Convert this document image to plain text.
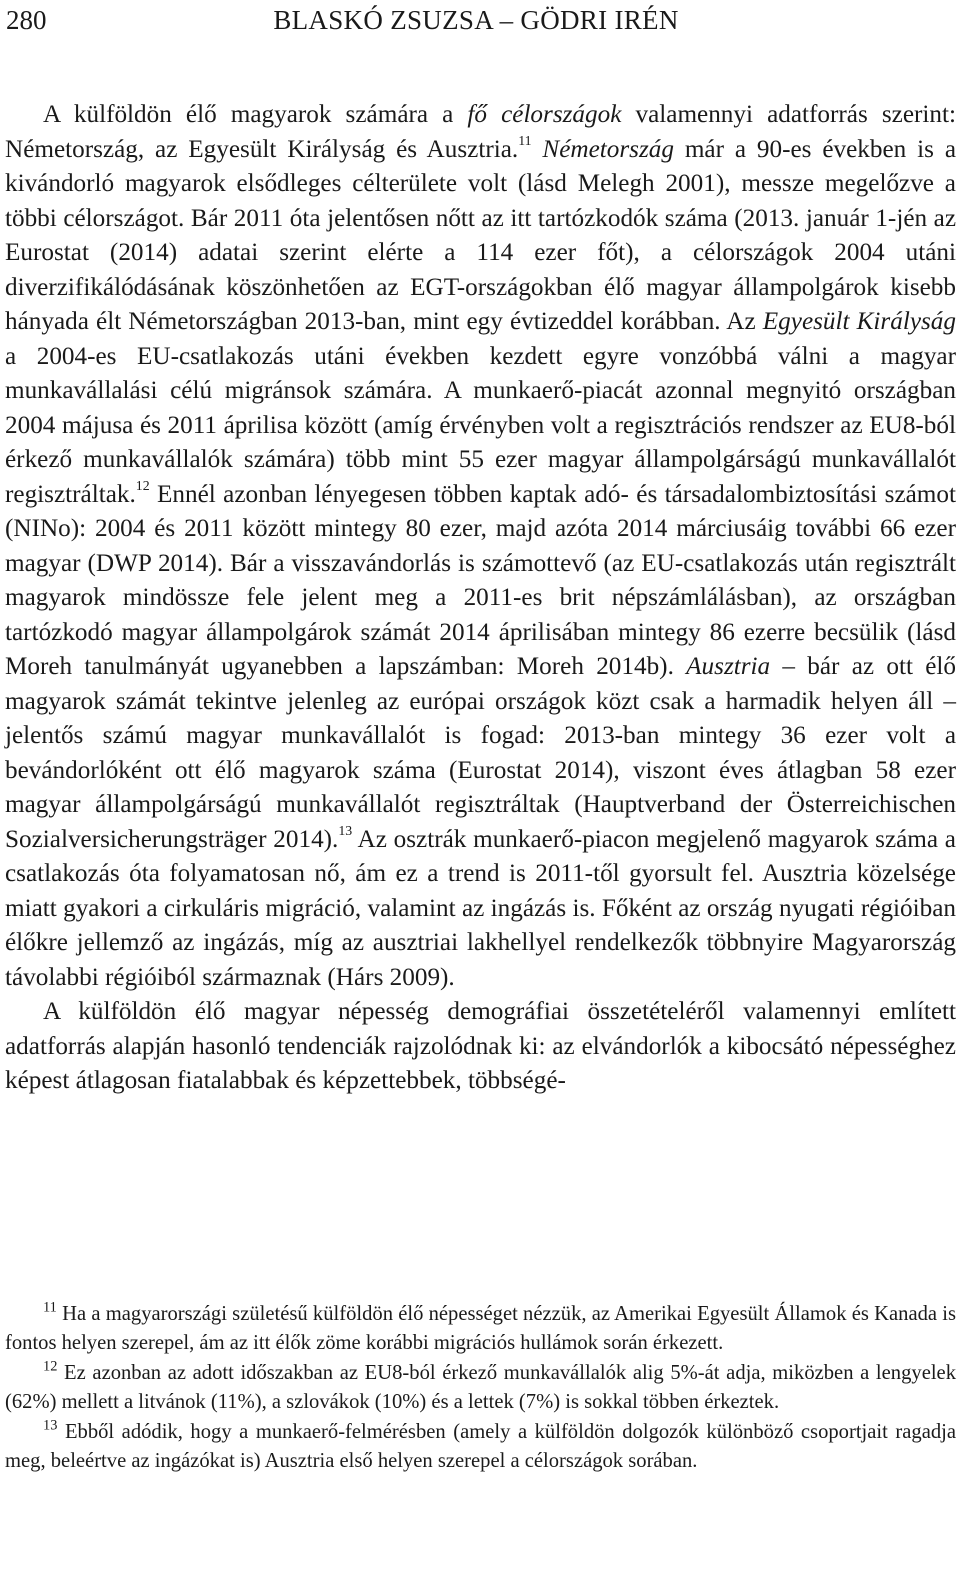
280	BLASKÓ ZSUZSA – GÖDRI IRÉN

A külföldön élő magyarok számára a fő célországok valamennyi adatforrás szerint: Németország, az Egyesült Királyság és Ausztria.$^{11}$ Németország már a 90-es években is a kivándorló magyarok elsődleges célterülete volt (lásd Melegh 2001), messze megelőzve a többi célországot. Bár 2011 óta jelentősen nőtt az itt tartózkodók száma (2013. január 1-jén az Eurostat (2014) adatai szerint elérte a 114 ezer főt), a célországok 2004 utáni diverzifikálódásának köszönhetően az EGT-országokban élő magyar állampolgárok kisebb hányada élt Németországban 2013-ban, mint egy évtizeddel korábban. Az Egyesült Királyság a 2004-es EU-csatlakozás utáni években kezdett egyre vonzóbbá válni a magyar munkavállalási célú migránsok számára. A munkaerő-piacát azonnal megnyitó országban 2004 májusa és 2011 áprilisa között (amíg érvényben volt a regisztrációs rendszer az EU8-ból érkező munkavállalók számára) több mint 55 ezer magyar állampolgárságú munkavállalót regisztráltak.$^{12}$ Ennél azonban lényegesen többen kaptak adó- és társadalombiztosítási számot (NINo): 2004 és 2011 között mintegy 80 ezer, majd azóta 2014 márciusáig további 66 ezer magyar (DWP 2014). Bár a visszavándorlás is számottevő (az EU-csatlakozás után regisztrált magyarok mindössze fele jelent meg a 2011-es brit népszámlálásban), az országban tartózkodó magyar állampolgárok számát 2014 áprilisában mintegy 86 ezerre becsülik (lásd Moreh tanulmányát ugyanebben a lapszámban: Moreh 2014b). Ausztria – bár az ott élő magyarok számát tekintve jelenleg az európai országok közt csak a harmadik helyen áll – jelentős számú magyar munkavállalót is fogad: 2013-ban mintegy 36 ezer volt a bevándorlóként ott élő magyarok száma (Eurostat 2014), viszont éves átlagban 58 ezer magyar állampolgárságú munkavállalót regisztráltak (Hauptverband der Österreichischen Sozialversicherungsträger 2014).$^{13}$ Az osztrák munkaerő-piacon megjelenő magyarok száma a csatlakozás óta folyamatosan nő, ám ez a trend is 2011-től gyorsult fel. Ausztria közelsége miatt gyakori a cirkuláris migráció, valamint az ingázás is. Főként az ország nyugati régióiban élőkre jellemző az ingázás, míg az ausztriai lakhellyel rendelkezők többnyire Magyarország távolabbi régióiból származnak (Hárs 2009).

A külföldön élő magyar népesség demográfiai összetételéről valamennyi említett adatforrás alapján hasonló tendenciák rajzolódnak ki: az elvándorlók a kibocsátó népességhez képest átlagosan fiatalabbak és képzettebbek, többségé-

$^{11}$ Ha a magyarországi születésű külföldön élő népességet nézzük, az Amerikai Egyesült Államok és Kanada is fontos helyen szerepel, ám az itt élők zöme korábbi migrációs hullámok során érkezett.

$^{12}$ Ez azonban az adott időszakban az EU8-ból érkező munkavállalók alig 5%-át adja, miközben a lengyelek (62%) mellett a litvánok (11%), a szlovákok (10%) és a lettek (7%) is sokkal többen érkeztek.

$^{13}$ Ebből adódik, hogy a munkaerő-felmérésben (amely a külföldön dolgozók különböző csoportjait ragadja meg, beleértve az ingázókat is) Ausztria első helyen szerepel a célországok sorában.
